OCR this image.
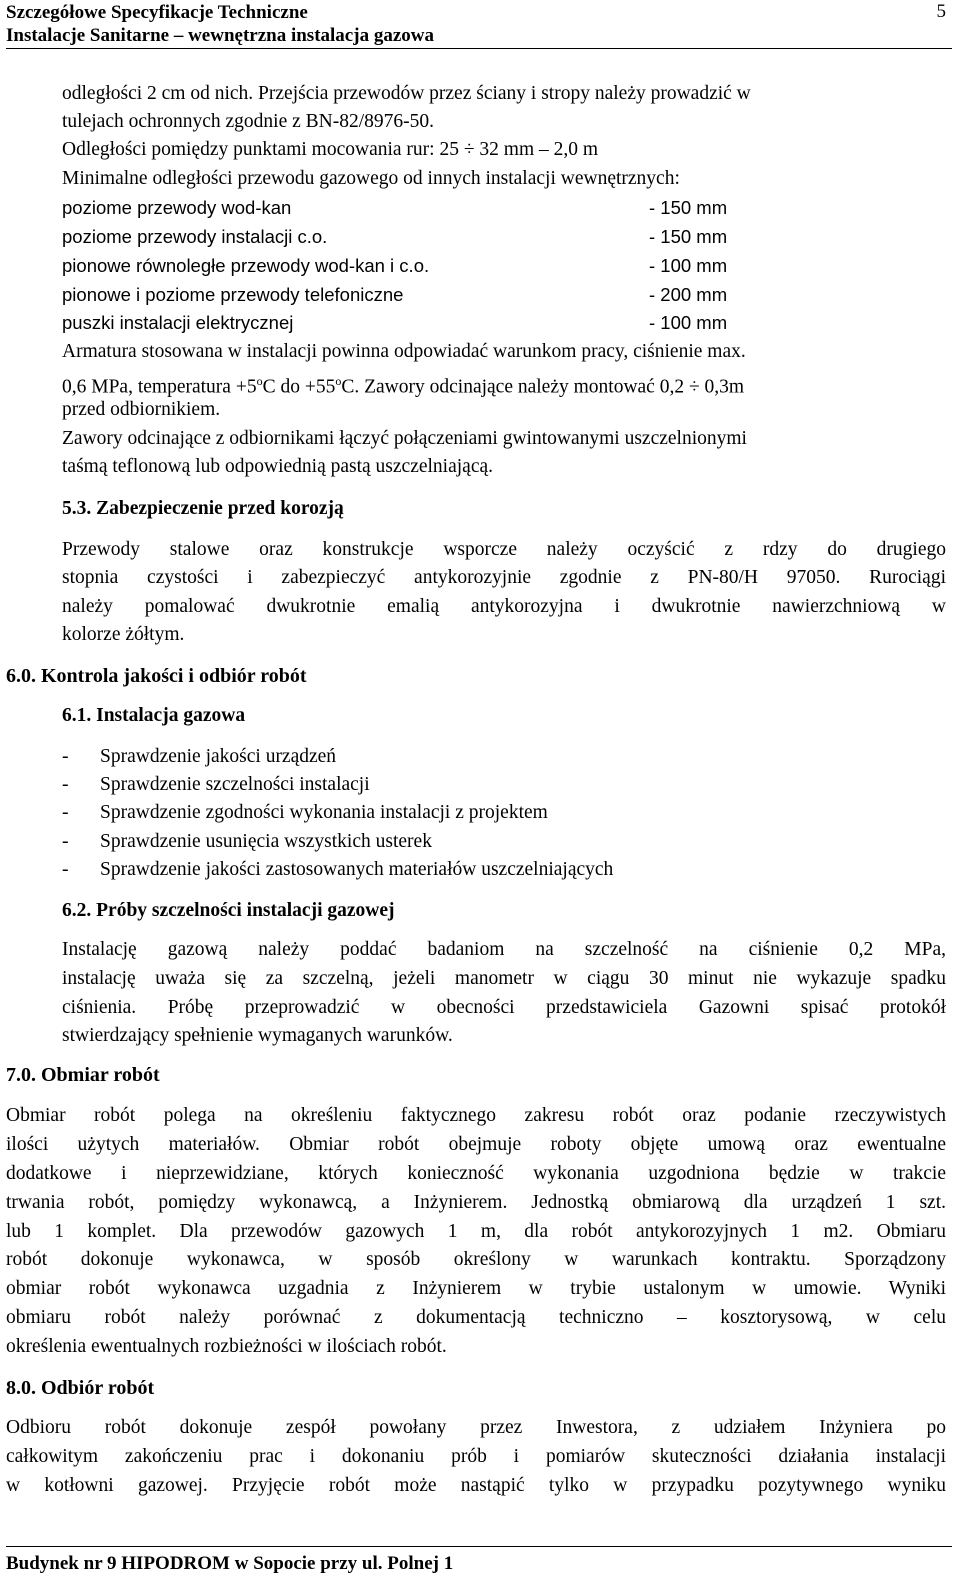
Szczegółowe Specyfikacje Techniczne
Instalacje Sanitarne – wewnętrzna instalacja gazowa
5
odległości 2 cm od nich. Przejścia przewodów przez ściany i stropy należy prowadzić w
tulejach ochronnych zgodnie z BN-82/8976-50.
Odległości pomiędzy punktami mocowania rur: 25 ÷ 32 mm – 2,0 m
Minimalne odległości przewodu gazowego od innych instalacji wewnętrznych:
poziome przewody wod-kan	- 150 mm
poziome przewody instalacji c.o.	- 150 mm
pionowe równoległe przewody wod-kan i c.o.	- 100 mm
pionowe i poziome przewody telefoniczne	- 200 mm
puszki instalacji elektrycznej	- 100 mm
Armatura stosowana w instalacji powinna odpowiadać warunkom pracy, ciśnienie max.
0,6 MPa, temperatura $+5^oC$ do $+55^oC$. Zawory odcinające należy montować 0,2 ÷ 0,3m
przed odbiornikiem.
Zawory odcinające z odbiornikami łączyć połączeniami gwintowanymi uszczelnionymi
taśmą teflonową lub odpowiednią pastą uszczelniającą.
5.3. Zabezpieczenie przed korozją
Przewody stalowe oraz konstrukcje wsporcze należy oczyścić z rdzy do drugiego
stopnia czystości i zabezpieczyć antykorozyjnie zgodnie z PN-80/H 97050. Rurociągi
należy pomalować dwukrotnie emalią antykorozyjna i dwukrotnie nawierzchniową w
kolorze żółtym.
6.0. Kontrola jakości i odbiór robót
6.1. Instalacja gazowa
- Sprawdzenie jakości urządzeń
- Sprawdzenie szczelności instalacji
- Sprawdzenie zgodności wykonania instalacji z projektem
- Sprawdzenie usunięcia wszystkich usterek
- Sprawdzenie jakości zastosowanych materiałów uszczelniających
6.2. Próby szczelności instalacji gazowej
Instalację gazową należy poddać badaniom na szczelność na ciśnienie 0,2 MPa,
instalację uważa się za szczelną, jeżeli manometr w ciągu 30 minut nie wykazuje spadku
ciśnienia. Próbę przeprowadzić w obecności przedstawiciela Gazowni spisać protokół
stwierdzający spełnienie wymaganych warunków.
7.0. Obmiar robót
Obmiar robót polega na określeniu faktycznego zakresu robót oraz podanie rzeczywistych
ilości użytych materiałów. Obmiar robót obejmuje roboty objęte umową oraz ewentualne
dodatkowe i nieprzewidziane, których konieczność wykonania uzgodniona będzie w trakcie
trwania robót, pomiędzy wykonawcą, a Inżynierem. Jednostką obmiarową dla urządzeń 1 szt.
lub 1 komplet. Dla przewodów gazowych 1 m, dla robót antykorozyjnych 1 m2. Obmiaru
robót dokonuje wykonawca, w sposób określony w warunkach kontraktu. Sporządzony
obmiar robót wykonawca uzgadnia z Inżynierem w trybie ustalonym w umowie. Wyniki
obmiaru robót należy porównać z dokumentacją techniczno – kosztorysową, w celu
określenia ewentualnych rozbieżności w ilościach robót.
8.0. Odbiór robót
Odbioru robót dokonuje zespół powołany przez Inwestora, z udziałem Inżyniera po
całkowitym zakończeniu prac i dokonaniu prób i pomiarów skuteczności działania instalacji
w kotłowni gazowej. Przyjęcie robót może nastąpić tylko w przypadku pozytywnego wyniku
Budynek nr 9 HIPODROM w Sopocie przy ul. Polnej 1
